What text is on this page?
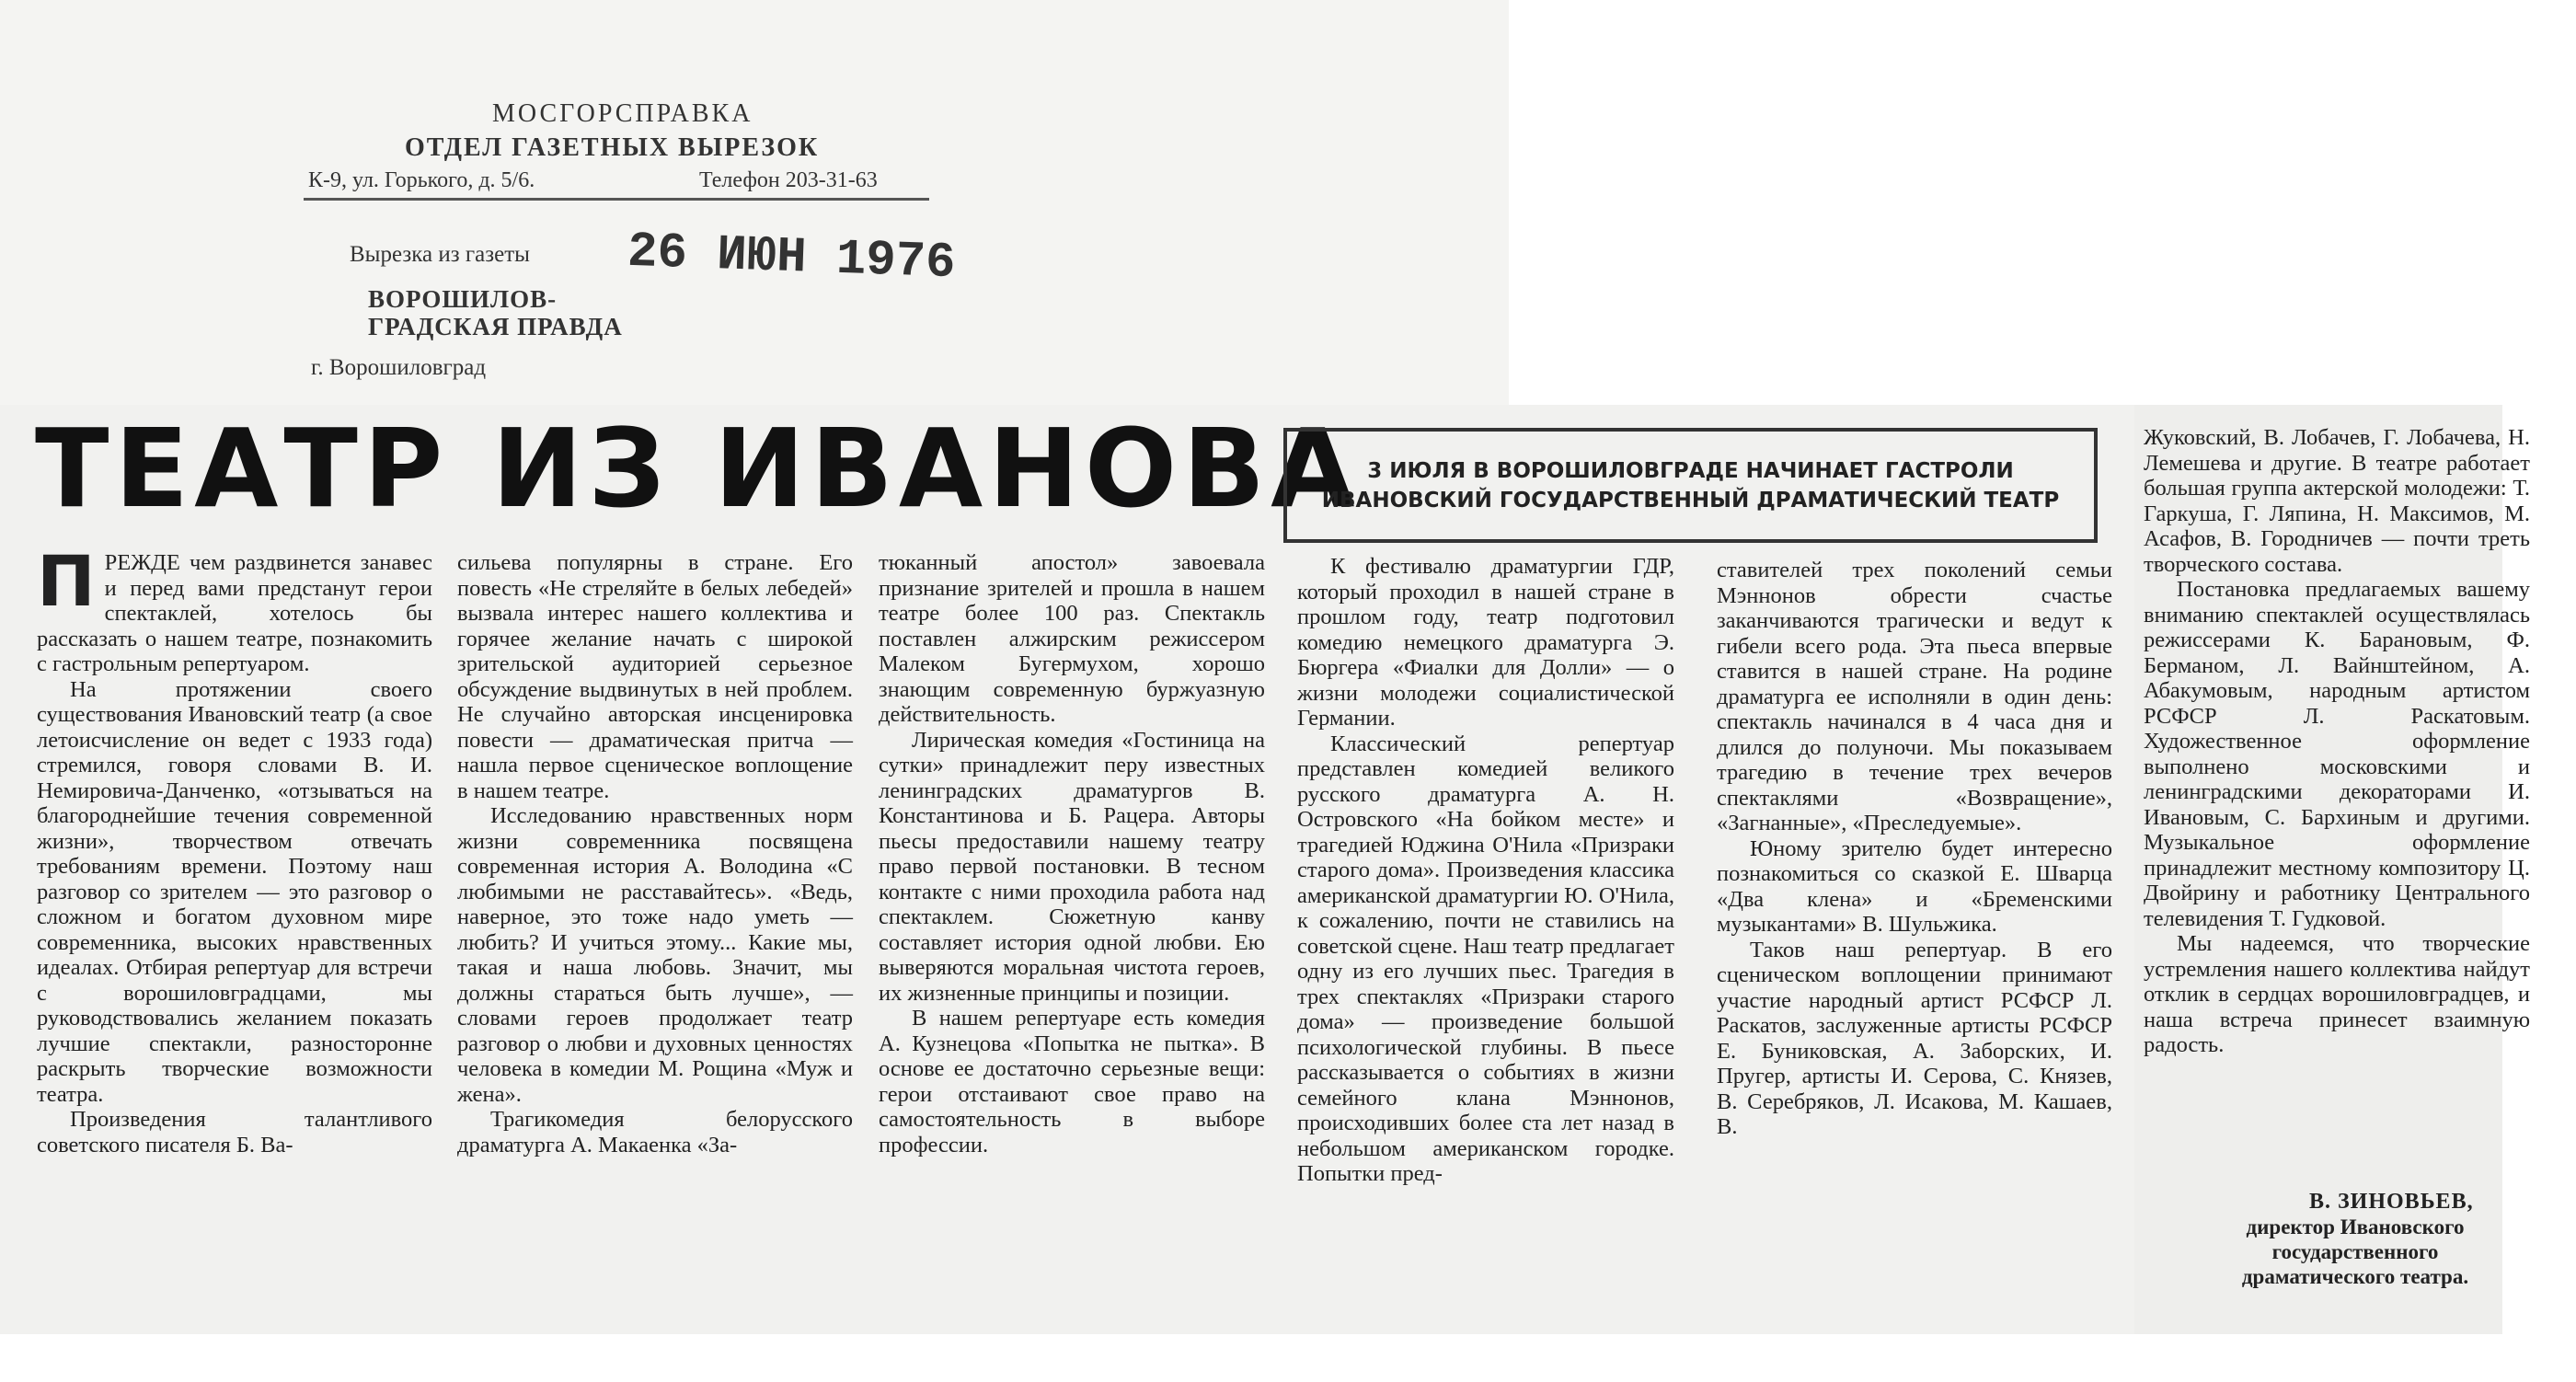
МОСГОРСПРАВКА
ОТДЕЛ ГАЗЕТНЫХ ВЫРЕЗОК
К-9, ул. Горького, д. 5/6.	Телефон 203-31-63
Вырезка из газеты 26 ИЮН 1976
ВОРОШИЛОВ- ГРАДСКАЯ ПРАВДА
г. Ворошиловград
ТЕАТР ИЗ ИВАНОВА 3 ИЮЛЯ В ВОРОШИЛОВГРАДЕ НАЧИНАЕТ ГАСТРОЛИ
ИВАНОВСКИЙ ГОСУДАРСТВЕННЫЙ ДРАМАТИЧЕСКИЙ ТЕАТР

ПРЕЖДЕ чем раздвинется занавес и перед вами предстанут герои спектаклей, хотелось бы рассказать о нашем театре, познакомить с гастрольным репертуаром.

На протяжении своего существования Ивановский театр (а свое летоисчисление он ведет с 1933 года) стремился, говоря словами В. И. Немировича-Данченко, «отзываться на благороднейшие течения современной жизни», творчеством отвечать требованиям времени. Поэтому наш разговор со зрителем — это разговор о сложном и богатом духовном мире современника, высоких нравственных идеалах. Отбирая репертуар для встречи с ворошиловградцами, мы руководствовались желанием показать лучшие спектакли, разносторонне раскрыть творческие возможности театра.

Произведения талантливого советского писателя Б. Ва-

сильева популярны в стране. Его повесть «Не стреляйте в белых лебедей» вызвала интерес нашего коллектива и горячее желание начать с широкой зрительской аудиторией серьезное обсуждение выдвинутых в ней проблем. Не случайно авторская инсценировка повести — драматическая притча — нашла первое сценическое воплощение в нашем театре.

Исследованию нравственных норм жизни современника посвящена современная история А. Володина «С любимыми не расставайтесь». «Ведь, наверное, это тоже надо уметь — любить? И учиться этому... Какие мы, такая и наша любовь. Значит, мы должны стараться быть лучше», — словами героев продолжает театр разговор о любви и духовных ценностях человека в комедии М. Рощина «Муж и жена».

Трагикомедия белорусского драматурга А. Макаенка «За-

тюканный апостол» завоевала признание зрителей и прошла в нашем театре более 100 раз. Спектакль поставлен алжирским режиссером Малеком Бугермухом, хорошо знающим современную буржуазную действительность.

Лирическая комедия «Гостиница на сутки» принадлежит перу известных ленинградских драматургов В. Константинова и Б. Рацера. Авторы пьесы предоставили нашему театру право первой постановки. В тесном контакте с ними проходила работа над спектаклем. Сюжетную канву составляет история одной любви. Ею выверяются моральная чистота героев, их жизненные принципы и позиции.

В нашем репертуаре есть комедия А. Кузнецова «Попытка не пытка». В основе ее достаточно серьезные вещи: герои отстаивают свое право на самостоятельность в выборе профессии.

К фестивалю драматургии ГДР, который проходил в нашей стране в прошлом году, театр подготовил комедию немецкого драматурга Э. Бюргера «Фиалки для Долли» — о жизни молодежи социалистической Германии.

Классический репертуар представлен комедией великого русского драматурга А. Н. Островского «На бойком месте» и трагедией Юджина О'Нила «Призраки старого дома». Произведения классика американской драматургии Ю. О'Нила, к сожалению, почти не ставились на советской сцене. Наш театр предлагает одну из его лучших пьес. Трагедия в трех спектаклях «Призраки старого дома» — произведение большой психологической глубины. В пьесе рассказывается о событиях в жизни семейного клана Мэннонов, происходивших более ста лет назад в небольшом американском городке. Попытки пред-

ставителей трех поколений семьи Мэннонов обрести счастье заканчиваются трагически и ведут к гибели всего рода. Эта пьеса впервые ставится в нашей стране. На родине драматурга ее исполняли в один день: спектакль начинался в 4 часа дня и длился до полуночи. Мы показываем трагедию в течение трех вечеров спектаклями «Возвращение», «Загнанные», «Преследуемые».

Юному зрителю будет интересно познакомиться со сказкой Е. Шварца «Два клена» и «Бременскими музыкантами» В. Шульжика.

Таков наш репертуар. В его сценическом воплощении принимают участие народный артист РСФСР Л. Раскатов, заслуженные артисты РСФСР Е. Буниковская, А. Заборских, И. Пругер, артисты И. Серова, С. Князев, В. Серебряков, Л. Исакова, М. Кашаев, В.

Жуковский, В. Лобачев, Г. Лобачева, Н. Лемешева и другие. В театре работает большая группа актерской молодежи: Т. Гаркуша, Г. Ляпина, Н. Максимов, М. Асафов, В. Городничев — почти треть творческого состава.

Постановка предлагаемых вашему вниманию спектаклей осуществлялась режиссерами К. Барановым, Ф. Берманом, Л. Вайнштейном, А. Абакумовым, народным артистом РСФСР Л. Раскатовым. Художественное оформление выполнено московскими и ленинградскими декораторами И. Ивановым, С. Бархиным и другими. Музыкальное оформление принадлежит местному композитору Ц. Двойрину и работнику Центрального телевидения Т. Гудковой.

Мы надеемся, что творческие устремления нашего коллектива найдут отклик в сердцах ворошиловградцев, и наша встреча принесет взаимную радость.

В. ЗИНОВЬЕВ,
директор Ивановского государственного драматического театра.
